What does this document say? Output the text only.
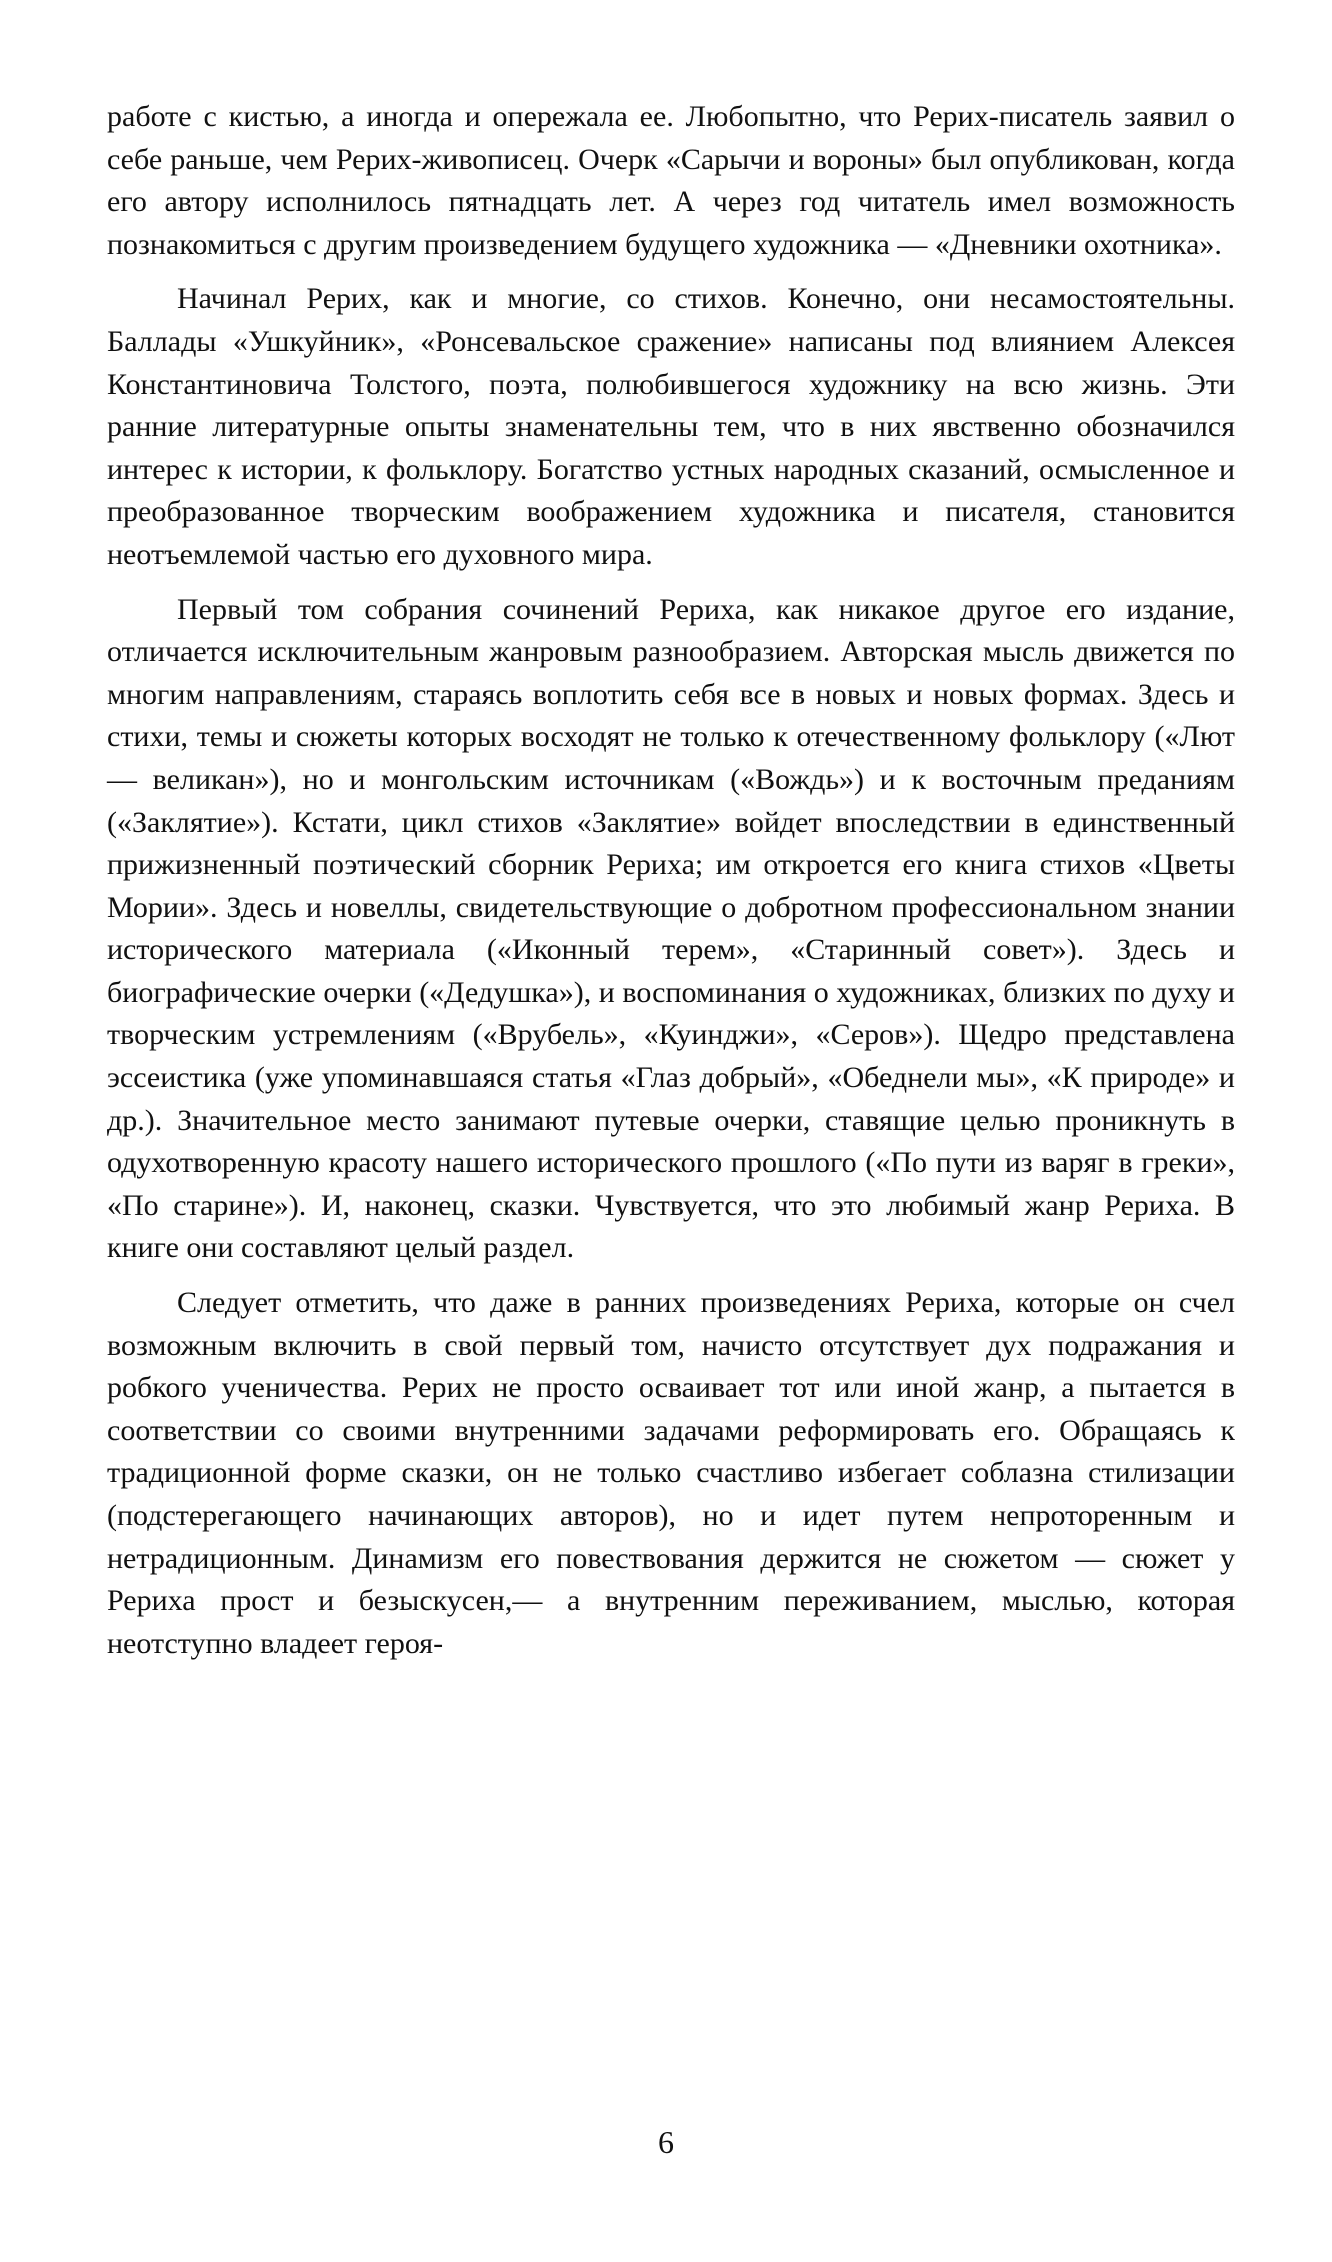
работе с кистью, а иногда и опережала ее. Любопытно, что Рерих-писатель заявил о себе раньше, чем Рерих-живописец. Очерк «Сарычи и вороны» был опубликован, когда его автору исполнилось пятнадцать лет. А через год читатель имел возможность познакомиться с другим произведением будущего художника — «Дневники охотника».

Начинал Рерих, как и многие, со стихов. Конечно, они несамостоятельны. Баллады «Ушкуйник», «Ронсевальское сражение» написаны под влиянием Алексея Константиновича Толстого, поэта, полюбившегося художнику на всю жизнь. Эти ранние литературные опыты знаменательны тем, что в них явственно обозначился интерес к истории, к фольклору. Богатство устных народных сказаний, осмысленное и преобразованное творческим воображением художника и писателя, становится неотъемлемой частью его духовного мира.

Первый том собрания сочинений Рериха, как никакое другое его издание, отличается исключительным жанровым разнообразием. Авторская мысль движется по многим направлениям, стараясь воплотить себя все в новых и новых формах. Здесь и стихи, темы и сюжеты которых восходят не только к отечественному фольклору («Лют — великан»), но и монгольским источникам («Вождь») и к восточным преданиям («Заклятие»). Кстати, цикл стихов «Заклятие» войдет впоследствии в единственный прижизненный поэтический сборник Рериха; им откроется его книга стихов «Цветы Мории». Здесь и новеллы, свидетельствующие о добротном профессиональном знании исторического материала («Иконный терем», «Старинный совет»). Здесь и биографические очерки («Дедушка»), и воспоминания о художниках, близких по духу и творческим устремлениям («Врубель», «Куинджи», «Серов»). Щедро представлена эссеистика (уже упоминавшаяся статья «Глаз добрый», «Обеднели мы», «К природе» и др.). Значительное место занимают путевые очерки, ставящие целью проникнуть в одухотворенную красоту нашего исторического прошлого («По пути из варяг в греки», «По старине»). И, наконец, сказки. Чувствуется, что это любимый жанр Рериха. В книге они составляют целый раздел.

Следует отметить, что даже в ранних произведениях Рериха, которые он счел возможным включить в свой первый том, начисто отсутствует дух подражания и робкого ученичества. Рерих не просто осваивает тот или иной жанр, а пытается в соответствии со своими внутренними задачами реформировать его. Обращаясь к традиционной форме сказки, он не только счастливо избегает соблазна стилизации (подстерегающего начинающих авторов), но и идет путем непроторенным и нетрадиционным. Динамизм его повествования держится не сюжетом — сюжет у Рериха прост и безыскусен,— а внутренним переживанием, мыслью, которая неотступно владеет героя-

6
